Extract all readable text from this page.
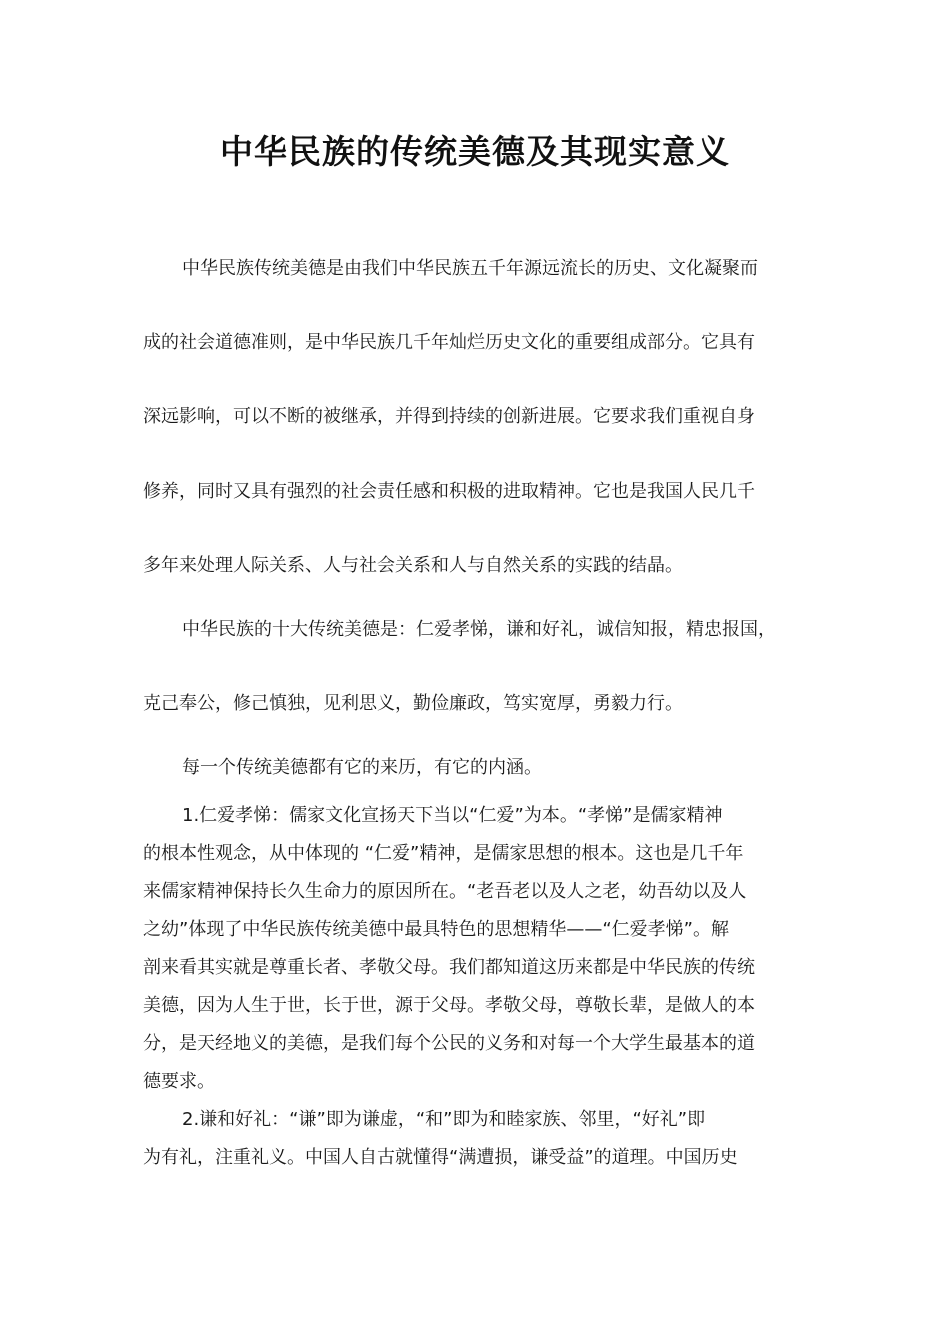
中华民族的传统美德及其现实意义
中华民族传统美德是由我们中华民族五千年源远流长的历史、文化凝聚而
成的社会道德准则，是中华民族几千年灿烂历史文化的重要组成部分。它具有
深远影响，可以不断的被继承，并得到持续的创新进展。它要求我们重视自身
修养，同时又具有强烈的社会责任感和积极的进取精神。它也是我国人民几千
多年来处理人际关系、人与社会关系和人与自然关系的实践的结晶。
中华民族的十大传统美德是：仁爱孝悌，谦和好礼，诚信知报，精忠报国，
克己奉公，修己慎独，见利思义，勤俭廉政，笃实宽厚，勇毅力行。
每一个传统美德都有它的来历，有它的内涵。
1.仁爱孝悌：儒家文化宣扬天下当以“仁爱”为本。“孝悌”是儒家精神
的根本性观念，从中体现的 “仁爱”精神，是儒家思想的根本。这也是几千年
来儒家精神保持长久生命力的原因所在。“老吾老以及人之老，幼吾幼以及人
之幼”体现了中华民族传统美德中最具特色的思想精华——“仁爱孝悌”。解
剖来看其实就是尊重长者、孝敬父母。我们都知道这历来都是中华民族的传统
美德，因为人生于世，长于世，源于父母。孝敬父母，尊敬长辈，是做人的本
分，是天经地义的美德，是我们每个公民的义务和对每一个大学生最基本的道
德要求。
2.谦和好礼：“谦”即为谦虚，“和”即为和睦家族、邻里，“好礼”即
为有礼，注重礼义。中国人自古就懂得“满遭损，谦受益”的道理。中国历史
